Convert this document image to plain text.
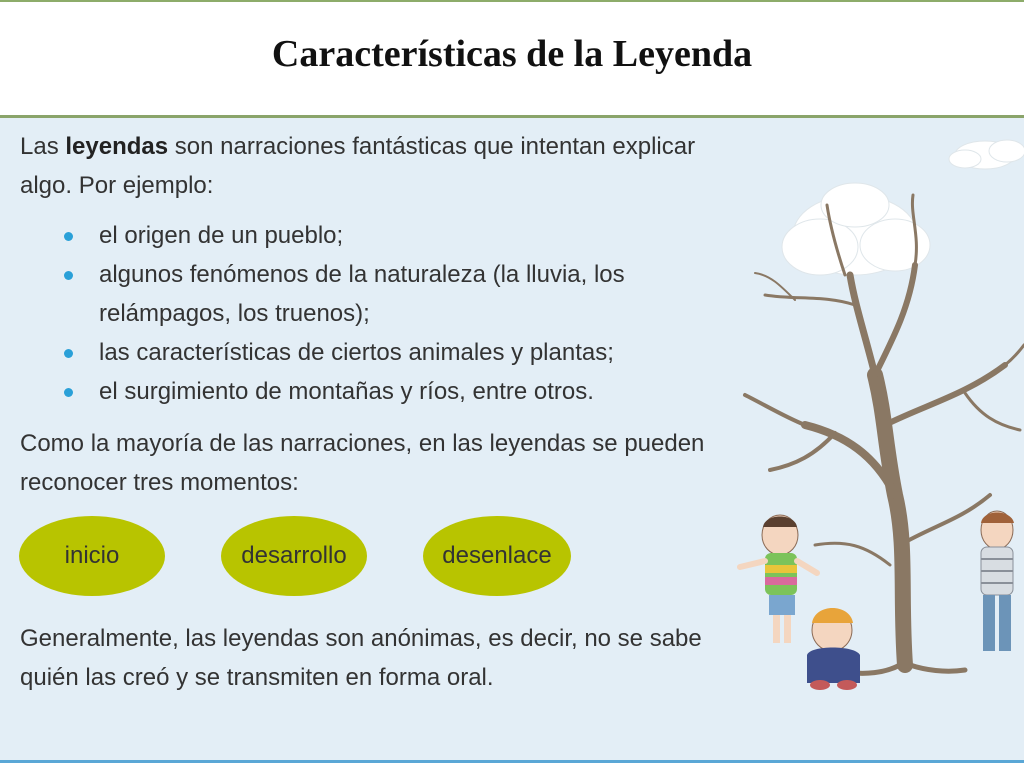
Características de la Leyenda

Las leyendas son narraciones fantásticas que intentan explicar algo. Por ejemplo:

el origen de un pueblo;
algunos fenómenos de la naturaleza (la lluvia, los relámpagos, los truenos);
las características de ciertos animales y plantas;
el surgimiento de montañas y ríos, entre otros.

Como la mayoría de las narraciones, en las leyendas se pueden reconocer tres momentos:

inicio	desarrollo	desenlace

Generalmente, las leyendas son anónimas, es decir, no se sabe quién las creó y se transmiten en forma oral.
